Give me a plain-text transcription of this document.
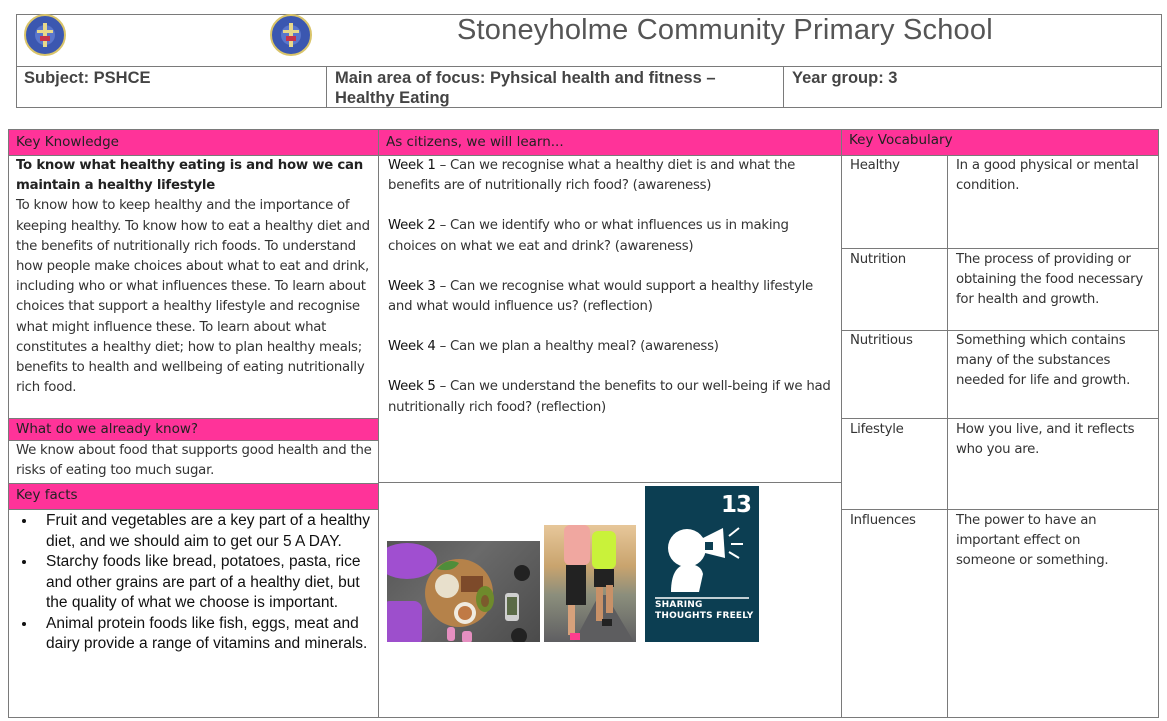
Stoneyholme Community Primary School
Subject: PSHCE	Main area of focus: Pyhsical health and fitness –
Healthy Eating
Year group: 3
Key Knowledge	As citizens, we will learn...	Key Vocabulary
What do we already know?
Key facts
To know what healthy eating is and how we can maintain a healthy lifestyle
To know how to keep healthy and the importance of keeping healthy. To know how to eat a healthy diet and the benefits of nutritionally rich foods. To understand how people make choices about what to eat and drink, including who or what influences these. To learn about choices that support a healthy lifestyle and recognise what might influence these. To learn about what constitutes a healthy diet; how to plan healthy meals; benefits to health and wellbeing of eating nutritionally rich food.
We know about food that supports good health and the risks of eating too much sugar.
• Fruit and vegetables are a key part of a healthy diet, and we should aim to get our 5 A DAY.
• Starchy foods like bread, potatoes, pasta, rice and other grains are part of a healthy diet, but the quality of what we choose is important.
• Animal protein foods like fish, eggs, meat and dairy provide a range of vitamins and minerals.
Week 1 – Can we recognise what a healthy diet is and what the benefits are of nutritionally rich food? (awareness)
Week 2 – Can we identify who or what influences us in making choices on what we eat and drink? (awareness)
Week 3 – Can we recognise what would support a healthy lifestyle and what would influence us? (reflection)
Week 4 – Can we plan a healthy meal? (awareness)
Week 5 – Can we understand the benefits to our well-being if we had nutritionally rich food? (reflection)
13
SHARING
THOUGHTS FREELY
Healthy	In a good physical or mental condition.
Nutrition	The process of providing or obtaining the food necessary for health and growth.
Nutritious	Something which contains many of the substances needed for life and growth.
Lifestyle	How you live, and it reflects who you are.
Influences	The power to have an important effect on someone or something.
